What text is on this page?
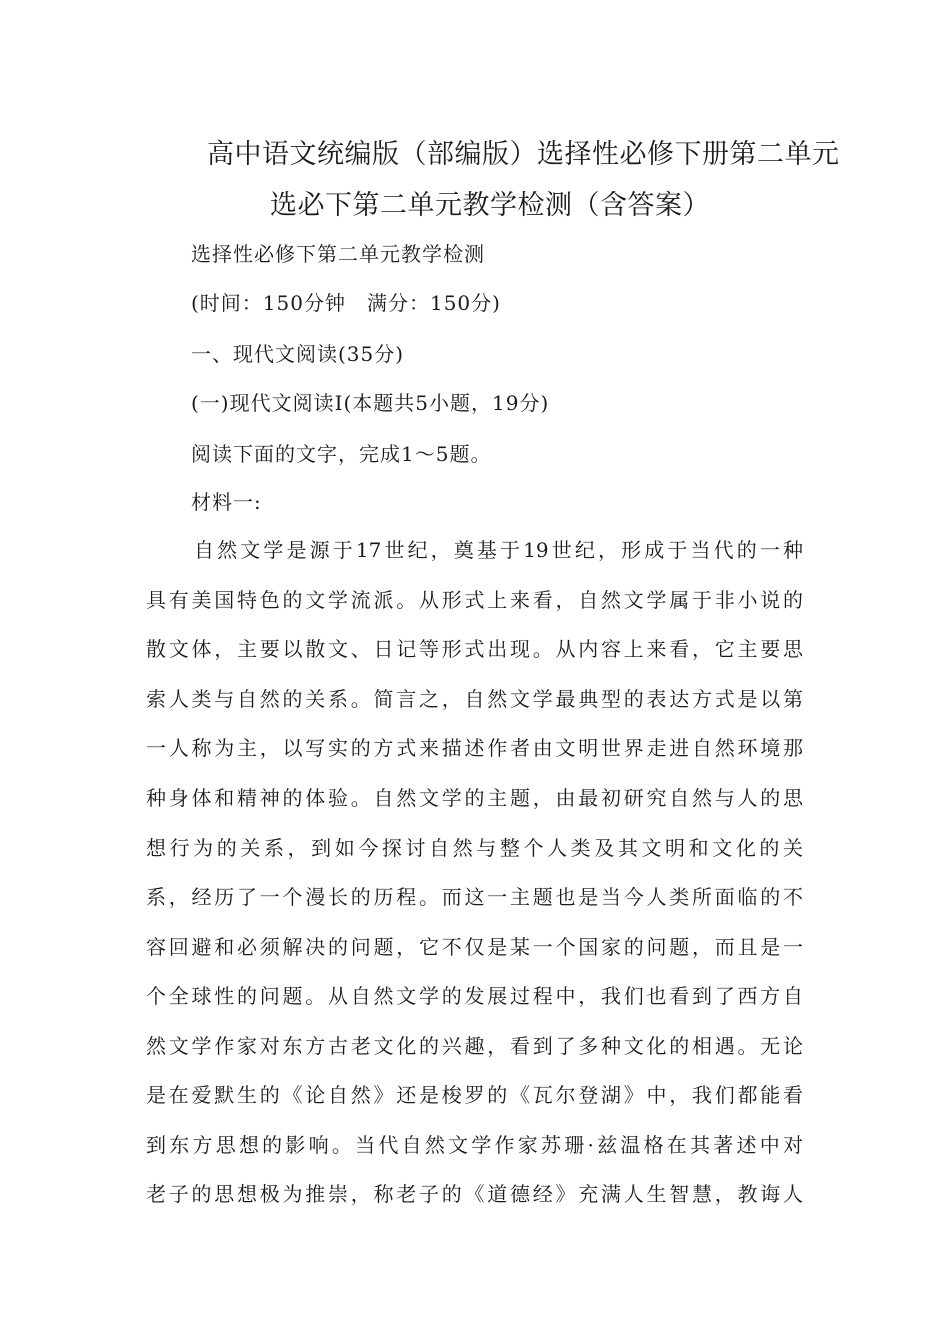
高中语文统编版（部编版）选择性必修下册第二单元
选必下第二单元教学检测（含答案）

选择性必修下第二单元教学检测

(时间：150分钟　满分：150分)

一、现代文阅读(35分)

(一)现代文阅读Ⅰ(本题共5小题，19分)

阅读下面的文字，完成1～5题。

材料一:

自然文学是源于17世纪，奠基于19世纪，形成于当代的一种

具有美国特色的文学流派。从形式上来看，自然文学属于非小说的

散文体，主要以散文、日记等形式出现。从内容上来看，它主要思

索人类与自然的关系。简言之，自然文学最典型的表达方式是以第

一人称为主，以写实的方式来描述作者由文明世界走进自然环境那

种身体和精神的体验。自然文学的主题，由最初研究自然与人的思

想行为的关系，到如今探讨自然与整个人类及其文明和文化的关

系，经历了一个漫长的历程。而这一主题也是当今人类所面临的不

容回避和必须解决的问题，它不仅是某一个国家的问题，而且是一

个全球性的问题。从自然文学的发展过程中，我们也看到了西方自

然文学作家对东方古老文化的兴趣，看到了多种文化的相遇。无论

是在爱默生的《论自然》还是梭罗的《瓦尔登湖》中，我们都能看

到东方思想的影响。当代自然文学作家苏珊·兹温格在其著述中对

老子的思想极为推崇，称老子的《道德经》充满人生智慧，教诲人
